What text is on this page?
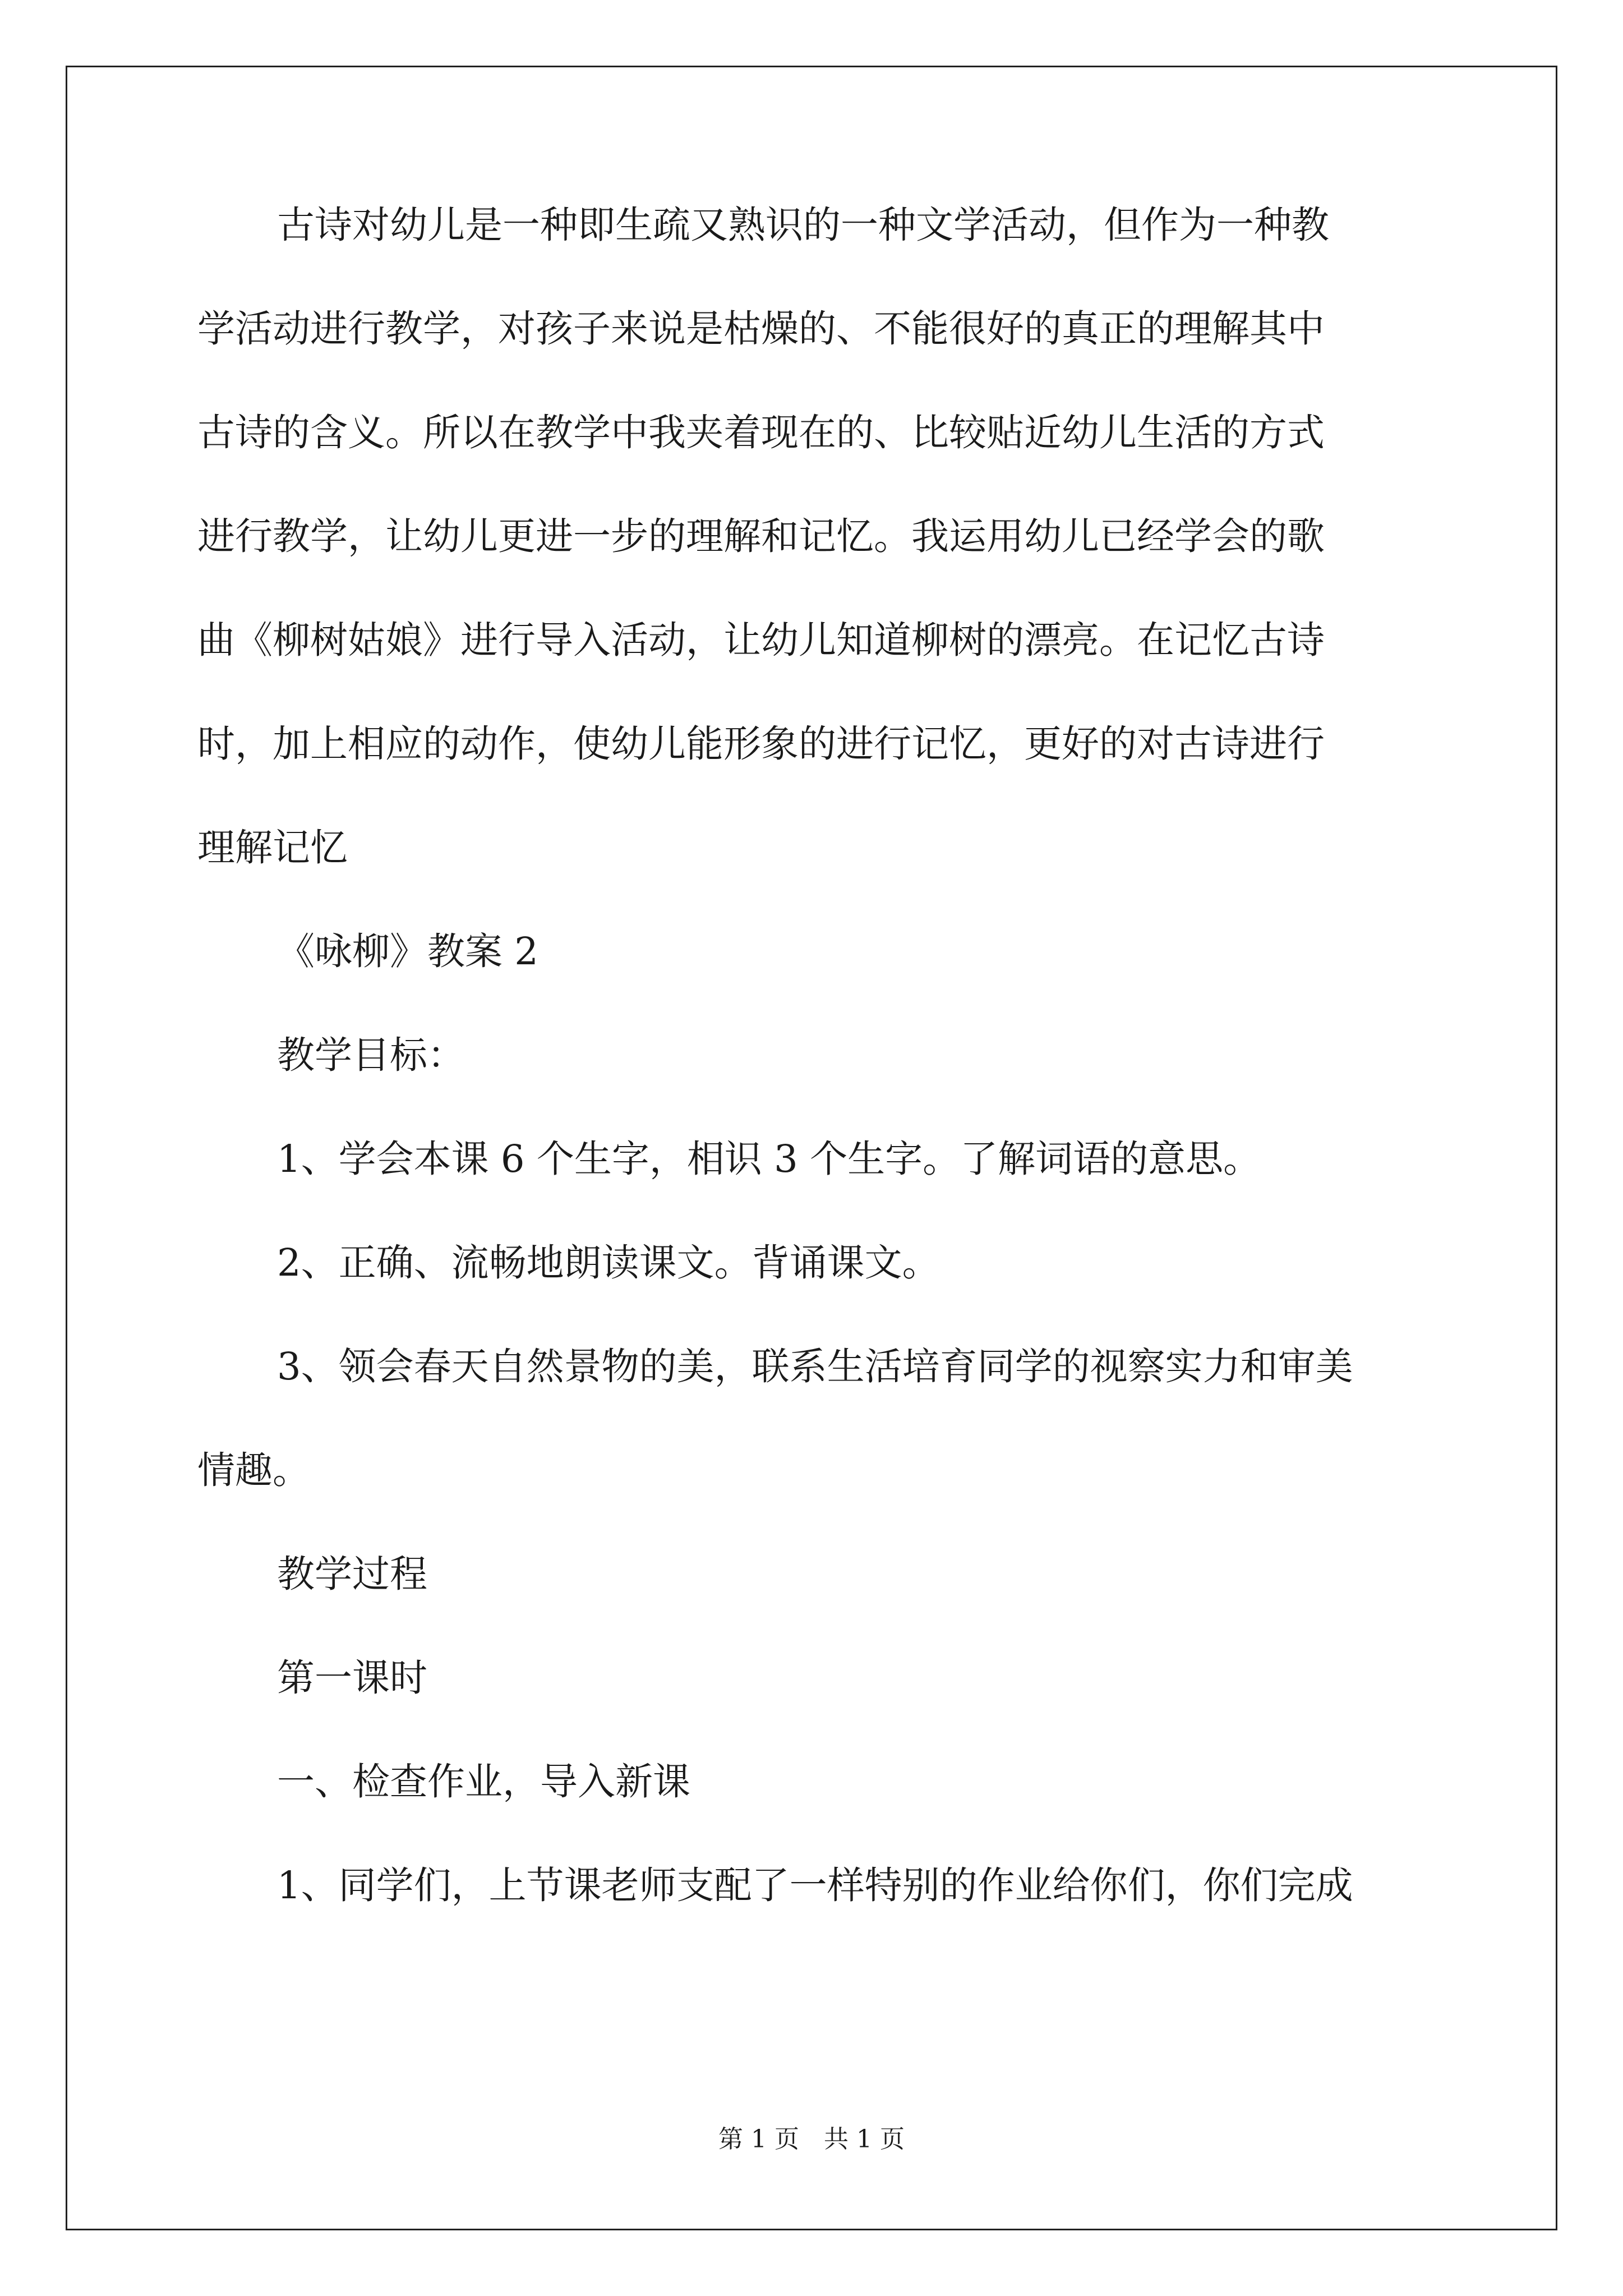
古诗对幼儿是一种即生疏又熟识的一种文学活动，但作为一种教
学活动进行教学，对孩子来说是枯燥的、不能很好的真正的理解其中
古诗的含义。所以在教学中我夹着现在的、比较贴近幼儿生活的方式
进行教学，让幼儿更进一步的理解和记忆。我运用幼儿已经学会的歌
曲《柳树姑娘》进行导入活动，让幼儿知道柳树的漂亮。在记忆古诗
时，加上相应的动作，使幼儿能形象的进行记忆，更好的对古诗进行
理解记忆
《咏柳》教案 2
教学目标：
1、学会本课 6 个生字，相识 3 个生字。了解词语的意思。
2、正确、流畅地朗读课文。背诵课文。
3、领会春天自然景物的美，联系生活培育同学的视察实力和审美
情趣。
教学过程
第一课时
一、检查作业，导入新课
1、同学们，上节课老师支配了一样特别的作业给你们，你们完成
第 1 页　共 1 页
